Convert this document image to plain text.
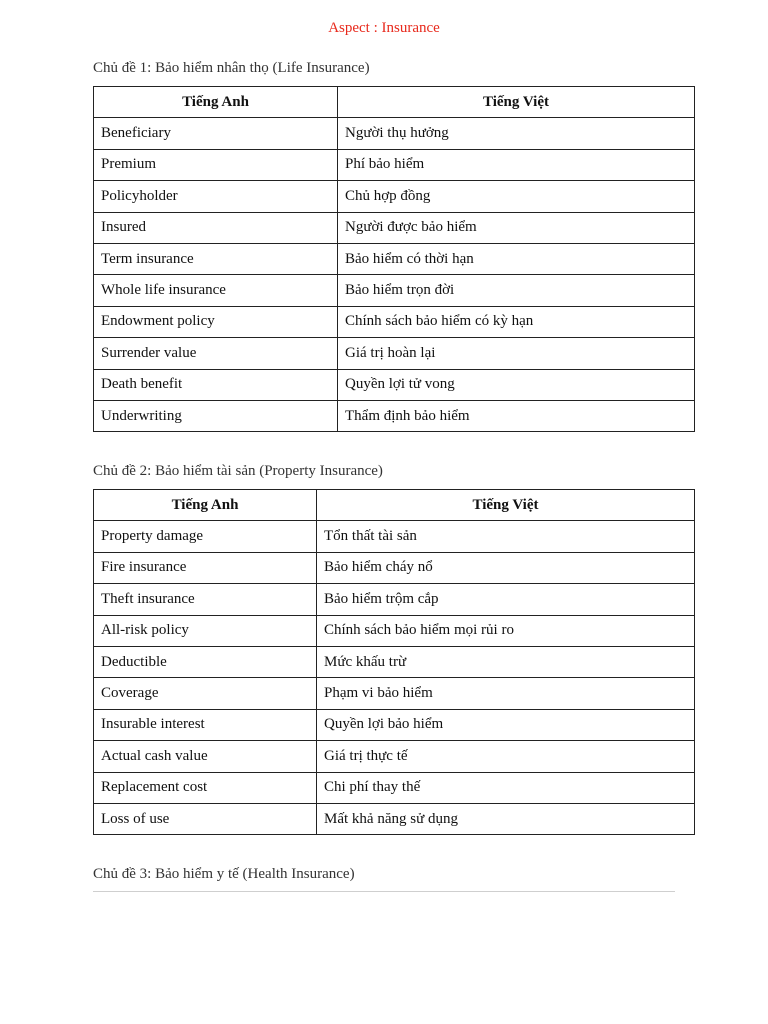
Aspect : Insurance
Chủ đề 1: Bảo hiểm nhân thọ (Life Insurance)
Tiếng Anh	Tiếng Việt
Beneficiary	Người thụ hưởng
Premium	Phí bảo hiểm
Policyholder	Chủ hợp đồng
Insured	Người được bảo hiểm
Term insurance	Bảo hiểm có thời hạn
Whole life insurance	Bảo hiểm trọn đời
Endowment policy	Chính sách bảo hiểm có kỳ hạn
Surrender value	Giá trị hoàn lại
Death benefit	Quyền lợi tử vong
Underwriting	Thẩm định bảo hiểm
Chủ đề 2: Bảo hiểm tài sản (Property Insurance)
Tiếng Anh	Tiếng Việt
Property damage	Tổn thất tài sản
Fire insurance	Bảo hiểm cháy nổ
Theft insurance	Bảo hiểm trộm cắp
All-risk policy	Chính sách bảo hiểm mọi rủi ro
Deductible	Mức khấu trừ
Coverage	Phạm vi bảo hiểm
Insurable interest	Quyền lợi bảo hiểm
Actual cash value	Giá trị thực tế
Replacement cost	Chi phí thay thế
Loss of use	Mất khả năng sử dụng
Chủ đề 3: Bảo hiểm y tế (Health Insurance)
